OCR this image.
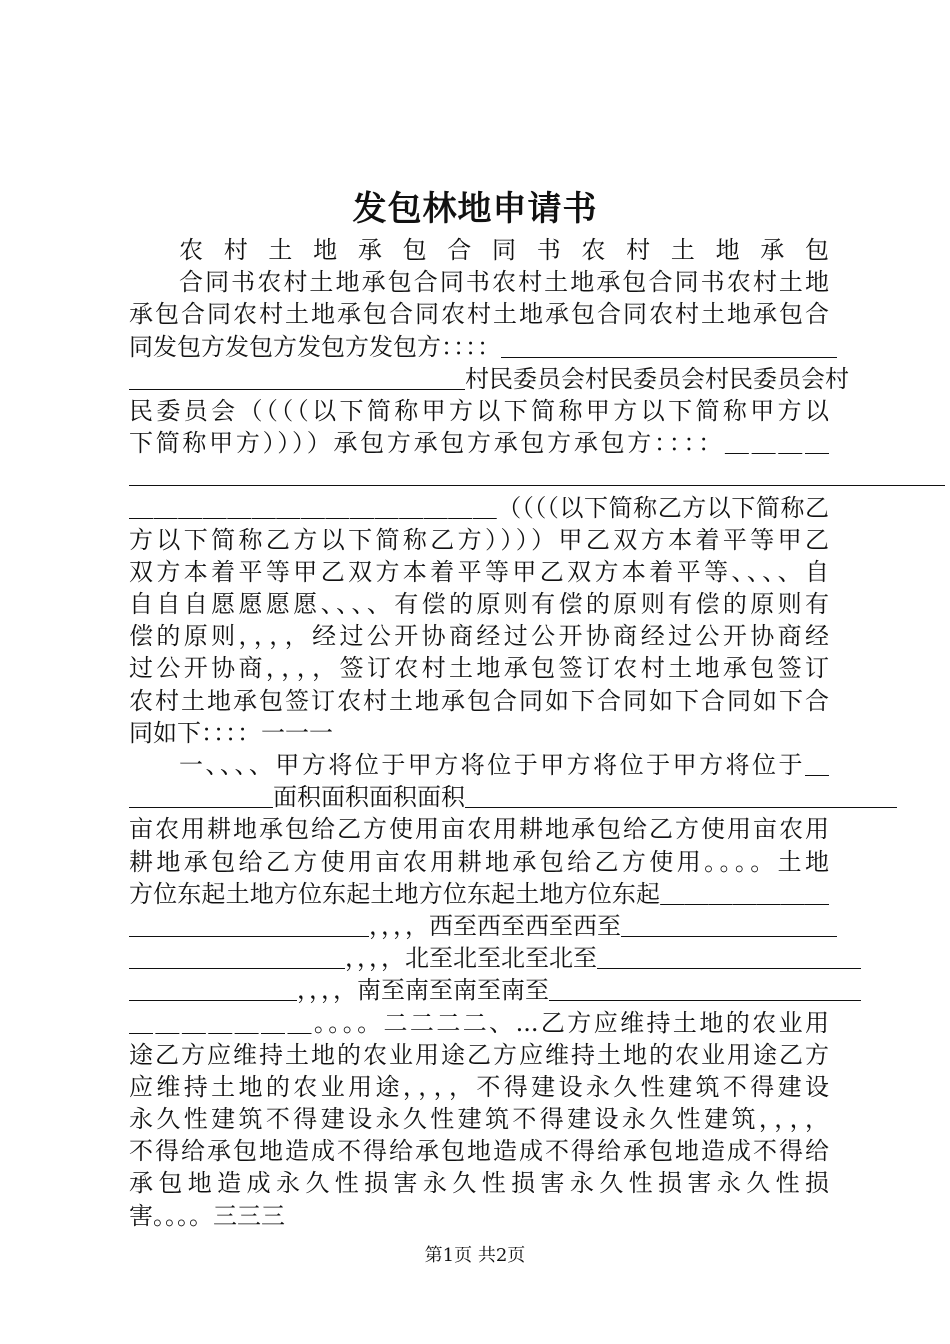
发包林地申请书
农村土地承包合同书农村土地承包
合同书农村土地承包合同书农村土地承包合同书农村土地
承包合同农村土地承包合同农村土地承包合同农村土地承包合
同发包方发包方发包方发包方：：：：＿＿＿＿＿＿＿＿＿＿＿＿＿＿
＿＿＿＿＿＿＿＿＿＿＿＿＿＿村民委员会村民委员会村民委员会村
民委员会（（（（以下简称甲方以下简称甲方以下简称甲方以
下简称甲方））））承包方承包方承包方承包方：：：：＿＿＿＿
＿＿＿＿＿＿＿＿＿＿＿＿＿＿＿＿＿＿＿＿＿＿＿＿＿＿＿＿＿＿＿＿＿＿
＿＿＿＿＿＿＿＿＿＿＿＿＿＿＿（（（（以下简称乙方以下简称乙
方以下简称乙方以下简称乙方））））甲乙双方本着平等甲乙
双方本着平等甲乙双方本着平等甲乙双方本着平等、、、、自
自自自愿愿愿愿、、、、有偿的原则有偿的原则有偿的原则有
偿的原则，，，，经过公开协商经过公开协商经过公开协商经
过公开协商，，，，签订农村土地承包签订农村土地承包签订
农村土地承包签订农村土地承包合同如下合同如下合同如下合
同如下：：：：一一一
一、、、、甲方将位于甲方将位于甲方将位于甲方将位于＿
＿＿＿＿＿＿面积面积面积面积＿＿＿＿＿＿＿＿＿＿＿＿＿＿＿＿＿＿
亩农用耕地承包给乙方使用亩农用耕地承包给乙方使用亩农用
耕地承包给乙方使用亩农用耕地承包给乙方使用。。。。土地
方位东起土地方位东起土地方位东起土地方位东起＿＿＿＿＿＿＿
＿＿＿＿＿＿＿＿＿＿，，，，西至西至西至西至＿＿＿＿＿＿＿＿＿
＿＿＿＿＿＿＿＿＿，，，，北至北至北至北至＿＿＿＿＿＿＿＿＿＿＿
＿＿＿＿＿＿＿，，，，南至南至南至南至＿＿＿＿＿＿＿＿＿＿＿＿＿
＿＿＿＿＿＿＿。。。。二二二二、...乙方应维持土地的农业用
途乙方应维持土地的农业用途乙方应维持土地的农业用途乙方
应维持土地的农业用途，，，，不得建设永久性建筑不得建设
永久性建筑不得建设永久性建筑不得建设永久性建筑，，，，
不得给承包地造成不得给承包地造成不得给承包地造成不得给
承包地造成永久性损害永久性损害永久性损害永久性损
害。。。。三三三
第1页 共2页
